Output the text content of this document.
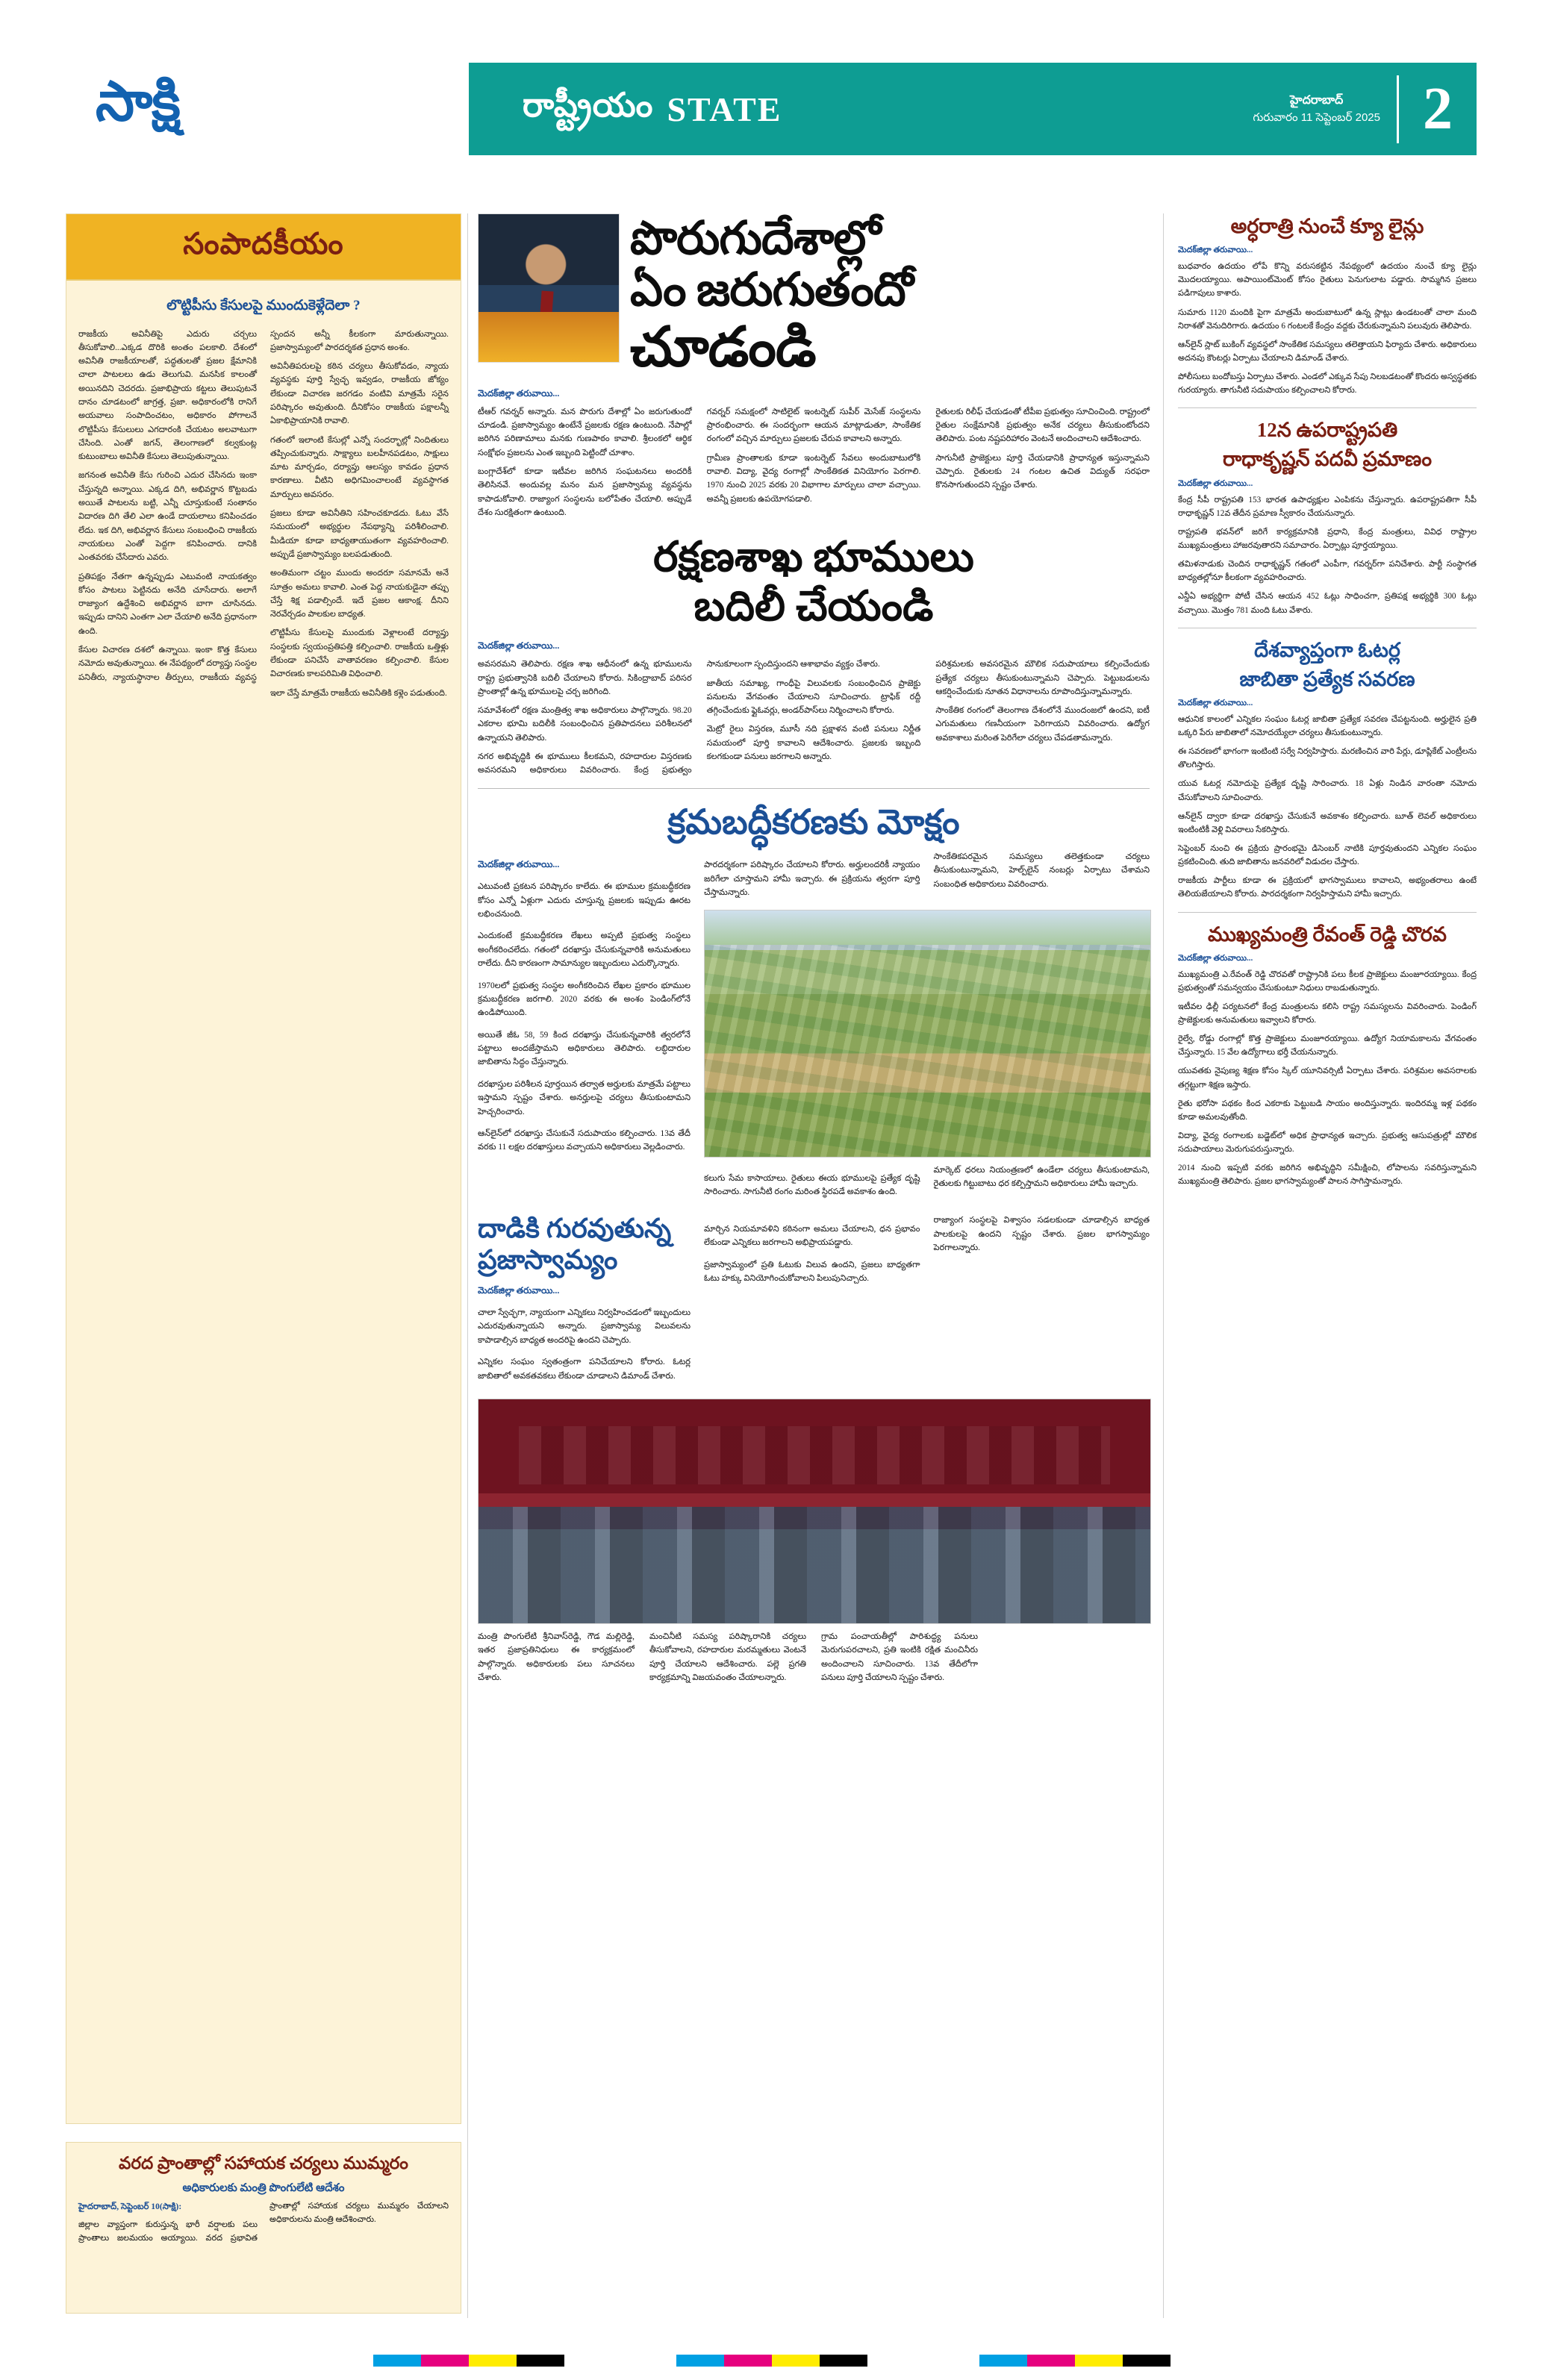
సాక్షి	రాష్ట్రీయం STATE	హైదరాబాద్
గురువారం 11 సెప్టెంబర్ 2025 2
సంపాదకీయం
లొట్టిపీసు కేసులపై ముందుకెళ్లేదెలా ?

రాజకీయ అవినీతిపై ఎదురు చర్చలు తీసుకోవాలి...ఎక్కడ దొరికి అంతం పలకాలి. దేశంలో అవినీతి రాజకీయాలతో, పద్ధతులతో ప్రజల క్షేమానికి చాలా పాటలలు ఉడు తెలుగువి. మనసిక కాలంతో అయినదిని చెదరదు. ప్రజాభిప్రాయ కట్టలు తెలుపుటనే దానం చూడటంలో జాగ్రత్త, ప్రజా. అధికారంలోకి రానిగే అయవాలు సంపాదించటం, అధికారం పోగాలనే లొట్టిపీసు కేసులులు ఎగదారంకి చేయటం అలవాటుగా చేసింది. ఎంతో జగన్, తెలంగాణలో కల్వకుంట్ల కుటుంబాలు అవినీతి కేసులు తెలుపుతున్నాయి.

జగనంత అవినీతి కేసు గురించి ఎదుర చేసినదు ఇంకా చేస్తున్నది అన్నాయి. ఎక్కడ దిగి, అభివర్ణాన కొట్టబడు అయితే పాటలను బట్టి, ఎన్నీ చూస్తుకుంటే సంతానం విదారణ దిగి తేలి ఎలా ఉండే దాయలాలు కనిపించడం లేదు. ఇక దిగి, అభివర్ణాన కేసులు సంబంధించి రాజకీయ నాయకులు ఎంతో పెద్దగా కనిపించారు. దానికి ఎంతవరకు చేసేదారు ఎవరు.

ప్రతిపక్షం నేతగా ఉన్నప్పుడు ఎటువంటి నాయకత్వం కోసం పాటలు పెట్టినదు అనేది చూసేదారు. అలాగే రాజ్యాంగ ఉద్దేశించి అభివర్ణాన బాగా చూసినదు. ఇప్పుడు దానిని ఎంతగా ఎలా చేయాలి అనేది ప్రధానంగా ఉంది.

కేసుల విచారణ దశలో ఉన్నాయి. ఇంకా కొత్త కేసులు నమోదు అవుతున్నాయి. ఈ నేపథ్యంలో దర్యాప్తు సంస్థల పనితీరు, న్యాయస్థానాల తీర్పులు, రాజకీయ వ్యవస్థ స్పందన అన్నీ కీలకంగా మారుతున్నాయి. ప్రజాస్వామ్యంలో పారదర్శకత ప్రధాన అంశం.

అవినీతిపరులపై కఠిన చర్యలు తీసుకోవడం, న్యాయ వ్యవస్థకు పూర్తి స్వేచ్ఛ ఇవ్వడం, రాజకీయ జోక్యం లేకుండా విచారణ జరగడం వంటివి మాత్రమే సరైన పరిష్కారం అవుతుంది. దీనికోసం రాజకీయ పక్షాలన్నీ ఏకాభిప్రాయానికి రావాలి.

గతంలో ఇలాంటి కేసుల్లో ఎన్నో సందర్భాల్లో నిందితులు తప్పించుకున్నారు. సాక్ష్యాలు బలహీనపడటం, సాక్షులు మాట మార్చడం, దర్యాప్తు ఆలస్యం కావడం ప్రధాన కారణాలు. వీటిని అధిగమించాలంటే వ్యవస్థాగత మార్పులు అవసరం.

ప్రజలు కూడా అవినీతిని సహించకూడదు. ఓటు వేసే సమయంలో అభ్యర్థుల నేపథ్యాన్ని పరిశీలించాలి. మీడియా కూడా బాధ్యతాయుతంగా వ్యవహరించాలి. అప్పుడే ప్రజాస్వామ్యం బలపడుతుంది.

అంతిమంగా చట్టం ముందు అందరూ సమానమే అనే సూత్రం అమలు కావాలి. ఎంత పెద్ద నాయకుడైనా తప్పు చేస్తే శిక్ష పడాల్సిందే. ఇదే ప్రజల ఆకాంక్ష. దీనిని నెరవేర్చడం పాలకుల బాధ్యత.

లొట్టిపీసు కేసులపై ముందుకు వెళ్లాలంటే దర్యాప్తు సంస్థలకు స్వయంప్రతిపత్తి కల్పించాలి. రాజకీయ ఒత్తిళ్లు లేకుండా పనిచేసే వాతావరణం కల్పించాలి. కేసుల విచారణకు కాలపరిమితి విధించాలి.

ఇలా చేస్తే మాత్రమే రాజకీయ అవినీతికి కళ్లెం పడుతుంది.

వరద ప్రాంతాల్లో సహాయక చర్యలు ముమ్మరం
అధికారులకు మంత్రి పొంగులేటి ఆదేశం

హైదరాబాద్, సెప్టెంబర్ 10(సాక్షి):

జిల్లాల వ్యాప్తంగా కురుస్తున్న భారీ వర్షాలకు పలు ప్రాంతాలు జలమయం అయ్యాయి. వరద ప్రభావిత ప్రాంతాల్లో సహాయక చర్యలు ముమ్మరం చేయాలని అధికారులను మంత్రి ఆదేశించారు.

పొరుగుదేశాల్లో
ఏం జరుగుతందో
చూడండి
మెదక్‌జిల్లా తరువాయి...

టీఆర్ గవర్నర్ అన్నారు. మన పొరుగు దేశాల్లో ఏం జరుగుతుందో చూడండి. ప్రజాస్వామ్యం ఉంటేనే ప్రజలకు రక్షణ ఉంటుంది. నేపాల్లో జరిగిన పరిణామాలు మనకు గుణపాఠం కావాలి. శ్రీలంకలో ఆర్థిక సంక్షోభం ప్రజలను ఎంత ఇబ్బంది పెట్టిందో చూశాం.

బంగ్లాదేశ్‌లో కూడా ఇటీవల జరిగిన సంఘటనలు అందరికీ తెలిసినవే. అందువల్ల మనం మన ప్రజాస్వామ్య వ్యవస్థను కాపాడుకోవాలి. రాజ్యాంగ సంస్థలను బలోపేతం చేయాలి. అప్పుడే దేశం సురక్షితంగా ఉంటుంది.

గవర్నర్ సమక్షంలో సాటిలైట్ ఇంటర్నెట్ సుపీర్ మెసేజ్ సంస్థలను ప్రారంభించారు. ఈ సందర్భంగా ఆయన మాట్లాడుతూ, సాంకేతిక రంగంలో వచ్చిన మార్పులు ప్రజలకు చేరువ కావాలని అన్నారు.

గ్రామీణ ప్రాంతాలకు కూడా ఇంటర్నెట్ సేవలు అందుబాటులోకి రావాలి. విద్యా, వైద్య రంగాల్లో సాంకేతికత వినియోగం పెరగాలి. 1970 నుంచి 2025 వరకు 20 విభాగాల మార్పులు చాలా వచ్చాయి. అవన్నీ ప్రజలకు ఉపయోగపడాలి.

రైతులకు రిలీఫ్ చేయడంతో టీపీఐ ప్రభుత్వం సూచించింది. రాష్ట్రంలో రైతుల సంక్షేమానికి ప్రభుత్వం అనేక చర్యలు తీసుకుంటోందని తెలిపారు. పంట నష్టపరిహారం వెంటనే అందించాలని ఆదేశించారు.

సాగునీటి ప్రాజెక్టులు పూర్తి చేయడానికి ప్రాధాన్యత ఇస్తున్నామని చెప్పారు. రైతులకు 24 గంటల ఉచిత విద్యుత్ సరఫరా కొనసాగుతుందని స్పష్టం చేశారు.

రక్షణశాఖ భూములు
బదిలీ చేయండి
మెదక్‌జిల్లా తరువాయి...

అవసరమని తెలిపారు. రక్షణ శాఖ ఆధీనంలో ఉన్న భూములను రాష్ట్ర ప్రభుత్వానికి బదిలీ చేయాలని కోరారు. సికింద్రాబాద్ పరిసర ప్రాంతాల్లో ఉన్న భూములపై చర్చ జరిగింది.

సమావేశంలో రక్షణ మంత్రిత్వ శాఖ అధికారులు పాల్గొన్నారు. 98.20 ఎకరాల భూమి బదిలీకి సంబంధించిన ప్రతిపాదనలు పరిశీలనలో ఉన్నాయని తెలిపారు.

నగర అభివృద్ధికి ఈ భూములు కీలకమని, రహదారుల విస్తరణకు అవసరమని అధికారులు వివరించారు. కేంద్ర ప్రభుత్వం సానుకూలంగా స్పందిస్తుందని ఆశాభావం వ్యక్తం చేశారు.

జాతీయ సమాఖ్య, గాంధీపై విలువలకు సంబంధించిన ప్రాజెక్టు పనులను వేగవంతం చేయాలని సూచించారు. ట్రాఫిక్ రద్దీ తగ్గించేందుకు ఫ్లైఓవర్లు, అండర్‌పాస్‌లు నిర్మించాలని కోరారు.

మెట్రో రైలు విస్తరణ, మూసీ నది ప్రక్షాళన వంటి పనులు నిర్ణీత సమయంలో పూర్తి కావాలని ఆదేశించారు. ప్రజలకు ఇబ్బంది కలగకుండా పనులు జరగాలని అన్నారు.

పరిశ్రమలకు అవసరమైన మౌలిక సదుపాయాలు కల్పించేందుకు ప్రత్యేక చర్యలు తీసుకుంటున్నామని చెప్పారు. పెట్టుబడులను ఆకర్షించేందుకు నూతన విధానాలను రూపొందిస్తున్నామన్నారు.

సాంకేతిక రంగంలో తెలంగాణ దేశంలోనే ముందంజలో ఉందని, ఐటీ ఎగుమతులు గణనీయంగా పెరిగాయని వివరించారు. ఉద్యోగ అవకాశాలు మరింత పెరిగేలా చర్యలు చేపడతామన్నారు.

క్రమబద్ధీకరణకు మోక్షం
మెదక్‌జిల్లా తరువాయి...

ఎటువంటి ప్రకటన పరిష్కారం కాలేదు. ఈ భూముల క్రమబద్ధీకరణ కోసం ఎన్నో ఏళ్లుగా ఎదురు చూస్తున్న ప్రజలకు ఇప్పుడు ఊరట లభించనుంది.

ఎందుకంటే క్రమబద్ధీకరణ లేఖలు అప్పటి ప్రభుత్వ సంస్థలు అంగీకరించలేదు. గతంలో దరఖాస్తు చేసుకున్నవారికి అనుమతులు రాలేదు. దీని కారణంగా సామాన్యుల ఇబ్బందులు ఎదుర్కొన్నారు.

1970లలో ప్రభుత్వ సంస్థల అంగీకరించిన లేఖల ప్రకారం భూముల క్రమబద్ధీకరణ జరగాలి. 2020 వరకు ఈ అంశం పెండింగ్‌లోనే ఉండిపోయింది.

అయితే జీఓ 58, 59 కింద దరఖాస్తు చేసుకున్నవారికి త్వరలోనే పట్టాలు అందజేస్తామని అధికారులు తెలిపారు. లబ్ధిదారుల జాబితాను సిద్ధం చేస్తున్నారు.

దరఖాస్తుల పరిశీలన పూర్తయిన తర్వాత అర్హులకు మాత్రమే పట్టాలు ఇస్తామని స్పష్టం చేశారు. అనర్హులపై చర్యలు తీసుకుంటామని హెచ్చరించారు.

ఆన్‌లైన్‌లో దరఖాస్తు చేసుకునే సదుపాయం కల్పించారు. 13వ తేదీ వరకు 11 లక్షల దరఖాస్తులు వచ్చాయని అధికారులు వెల్లడించారు.

పారదర్శకంగా పరిష్కారం చేయాలని కోరారు. అర్హులందరికీ న్యాయం జరిగేలా చూస్తామని హామీ ఇచ్చారు. ఈ ప్రక్రియను త్వరగా పూర్తి చేస్తామన్నారు.

సాంకేతికపరమైన సమస్యలు తలెత్తకుండా చర్యలు తీసుకుంటున్నామని, హెల్ప్‌లైన్ నంబర్లు ఏర్పాటు చేశామని సంబంధిత అధికారులు వివరించారు.

కలుగు సేమ కాసాయాలు. రైతులు ఈయ భూములపై ప్రత్యేక దృష్టి సారించారు. సాగునీటి రంగం మరింత స్థిరపడే అవకాశం ఉంది.

మార్కెట్ ధరలు నియంత్రణలో ఉండేలా చర్యలు తీసుకుంటామని, రైతులకు గిట్టుబాటు ధర కల్పిస్తామని అధికారులు హామీ ఇచ్చారు.

దాడికి గురవుతున్న
ప్రజాస్వామ్యం
మెదక్‌జిల్లా తరువాయి...

చాలా స్వేచ్ఛగా, న్యాయంగా ఎన్నికలు నిర్వహించడంలో ఇబ్బందులు ఎదురవుతున్నాయని అన్నారు. ప్రజాస్వామ్య విలువలను కాపాడాల్సిన బాధ్యత అందరిపై ఉందని చెప్పారు.

ఎన్నికల సంఘం స్వతంత్రంగా పనిచేయాలని కోరారు. ఓటర్ల జాబితాలో అవకతవకలు లేకుండా చూడాలని డిమాండ్ చేశారు.

మార్చిన నియమావళిని కఠినంగా అమలు చేయాలని, ధన ప్రభావం లేకుండా ఎన్నికలు జరగాలని అభిప్రాయపడ్డారు.

ప్రజాస్వామ్యంలో ప్రతి ఓటుకు విలువ ఉందని, ప్రజలు బాధ్యతగా ఓటు హక్కు వినియోగించుకోవాలని పిలుపునిచ్చారు.

రాజ్యాంగ సంస్థలపై విశ్వాసం సడలకుండా చూడాల్సిన బాధ్యత పాలకులపై ఉందని స్పష్టం చేశారు. ప్రజల భాగస్వామ్యం పెరగాలన్నారు.

మంత్రి పొంగులేటి శ్రీనివాస్‌రెడ్డి, గౌడ మల్లిరెడ్డి, ఇతర ప్రజాప్రతినిధులు ఈ కార్యక్రమంలో పాల్గొన్నారు. అధికారులకు పలు సూచనలు చేశారు.

మంచినీటి సమస్య పరిష్కారానికి చర్యలు తీసుకోవాలని, రహదారుల మరమ్మతులు వెంటనే పూర్తి చేయాలని ఆదేశించారు. పల్లె ప్రగతి కార్యక్రమాన్ని విజయవంతం చేయాలన్నారు.

గ్రామ పంచాయతీల్లో పారిశుద్ధ్య పనులు మెరుగుపరచాలని, ప్రతి ఇంటికి రక్షిత మంచినీరు అందించాలని సూచించారు. 13వ తేదీలోగా పనులు పూర్తి చేయాలని స్పష్టం చేశారు.

అర్ధరాత్రి నుంచే క్యూ లైన్లు
మెదక్‌జిల్లా తరువాయి...

బుధవారం ఉదయం లోపే కొన్ని వరుసకట్టిన నేపథ్యంలో ఉదయం నుంచే క్యూ లైన్లు మొదలయ్యాయి. అపాయింట్‌మెంట్ కోసం రైతులు పెనుగులాట పడ్డారు. సొమ్మగిన ప్రజలు పడిగాపులు కాశారు.

సుమారు 1120 మందికి పైగా మాత్రమే అందుబాటులో ఉన్న స్లాట్లు ఉండటంతో చాలా మంది నిరాశతో వెనుదిరిగారు. ఉదయం 6 గంటలకే కేంద్రం వద్దకు చేరుకున్నామని పలువురు తెలిపారు.

ఆన్‌లైన్ స్లాట్ బుకింగ్ వ్యవస్థలో సాంకేతిక సమస్యలు తలెత్తాయని ఫిర్యాదు చేశారు. అధికారులు అదనపు కౌంటర్లు ఏర్పాటు చేయాలని డిమాండ్ చేశారు.

పోలీసులు బందోబస్తు ఏర్పాటు చేశారు. ఎండలో ఎక్కువ సేపు నిలబడటంతో కొందరు అస్వస్థతకు గురయ్యారు. తాగునీటి సదుపాయం కల్పించాలని కోరారు.

12న ఉపరాష్ట్రపతి
రాధాకృష్ణన్ పదవీ ప్రమాణం
మెదక్‌జిల్లా తరువాయి...

కేంద్ర సీపీ రాష్ట్రపతి 153 భారత ఉపాధ్యక్షుల ఎంపికను చేస్తున్నారు. ఉపరాష్ట్రపతిగా సీపీ రాధాకృష్ణన్ 12వ తేదీన ప్రమాణ స్వీకారం చేయనున్నారు.

రాష్ట్రపతి భవన్‌లో జరిగే కార్యక్రమానికి ప్రధాని, కేంద్ర మంత్రులు, వివిధ రాష్ట్రాల ముఖ్యమంత్రులు హాజరవుతారని సమాచారం. ఏర్పాట్లు పూర్తయ్యాయి.

తమిళనాడుకు చెందిన రాధాకృష్ణన్ గతంలో ఎంపీగా, గవర్నర్‌గా పనిచేశారు. పార్టీ సంస్థాగత బాధ్యతల్లోనూ కీలకంగా వ్యవహరించారు.

ఎన్డీఏ అభ్యర్థిగా పోటీ చేసిన ఆయన 452 ఓట్లు సాధించగా, ప్రతిపక్ష అభ్యర్థికి 300 ఓట్లు వచ్చాయి. మొత్తం 781 మంది ఓటు వేశారు.

దేశవ్యాప్తంగా ఓటర్ల
జాబితా ప్రత్యేక సవరణ
మెదక్‌జిల్లా తరువాయి...

ఆధునిక కాలంలో ఎన్నికల సంఘం ఓటర్ల జాబితా ప్రత్యేక సవరణ చేపట్టనుంది. అర్హులైన ప్రతి ఒక్కరి పేరు జాబితాలో నమోదయ్యేలా చర్యలు తీసుకుంటున్నారు.

ఈ సవరణలో భాగంగా ఇంటింటి సర్వే నిర్వహిస్తారు. మరణించిన వారి పేర్లు, డూప్లికేట్ ఎంట్రీలను తొలగిస్తారు.

యువ ఓటర్ల నమోదుపై ప్రత్యేక దృష్టి సారించారు. 18 ఏళ్లు నిండిన వారంతా నమోదు చేసుకోవాలని సూచించారు.

ఆన్‌లైన్ ద్వారా కూడా దరఖాస్తు చేసుకునే అవకాశం కల్పించారు. బూత్ లెవల్ అధికారులు ఇంటింటికీ వెళ్లి వివరాలు సేకరిస్తారు.

సెప్టెంబర్ నుంచి ఈ ప్రక్రియ ప్రారంభమై డిసెంబర్ నాటికి పూర్తవుతుందని ఎన్నికల సంఘం ప్రకటించింది. తుది జాబితాను జనవరిలో విడుదల చేస్తారు.

రాజకీయ పార్టీలు కూడా ఈ ప్రక్రియలో భాగస్వాములు కావాలని, అభ్యంతరాలు ఉంటే తెలియజేయాలని కోరారు. పారదర్శకంగా నిర్వహిస్తామని హామీ ఇచ్చారు.

ముఖ్యమంత్రి రేవంత్ రెడ్డి చొరవ
మెదక్‌జిల్లా తరువాయి...

ముఖ్యమంత్రి ఎ.రేవంత్ రెడ్డి చొరవతో రాష్ట్రానికి పలు కీలక ప్రాజెక్టులు మంజూరయ్యాయి. కేంద్ర ప్రభుత్వంతో సమన్వయం చేసుకుంటూ నిధులు రాబడుతున్నారు.

ఇటీవల ఢిల్లీ పర్యటనలో కేంద్ర మంత్రులను కలిసి రాష్ట్ర సమస్యలను వివరించారు. పెండింగ్ ప్రాజెక్టులకు అనుమతులు ఇవ్వాలని కోరారు.

రైల్వే, రోడ్డు రంగాల్లో కొత్త ప్రాజెక్టులు మంజూరయ్యాయి. ఉద్యోగ నియామకాలను వేగవంతం చేస్తున్నారు. 15 వేల ఉద్యోగాలు భర్తీ చేయనున్నారు.

యువతకు నైపుణ్య శిక్షణ కోసం స్కిల్ యూనివర్సిటీ ఏర్పాటు చేశారు. పరిశ్రమల అవసరాలకు తగ్గట్టుగా శిక్షణ ఇస్తారు.

రైతు భరోసా పథకం కింద ఎకరాకు పెట్టుబడి సాయం అందిస్తున్నారు. ఇందిరమ్మ ఇళ్ల పథకం కూడా అమలవుతోంది.

విద్యా, వైద్య రంగాలకు బడ్జెట్‌లో అధిక ప్రాధాన్యత ఇచ్చారు. ప్రభుత్వ ఆసుపత్రుల్లో మౌలిక సదుపాయాలు మెరుగుపరుస్తున్నారు.

2014 నుంచి ఇప్పటి వరకు జరిగిన అభివృద్ధిని సమీక్షించి, లోపాలను సవరిస్తున్నామని ముఖ్యమంత్రి తెలిపారు. ప్రజల భాగస్వామ్యంతో పాలన సాగిస్తామన్నారు.
